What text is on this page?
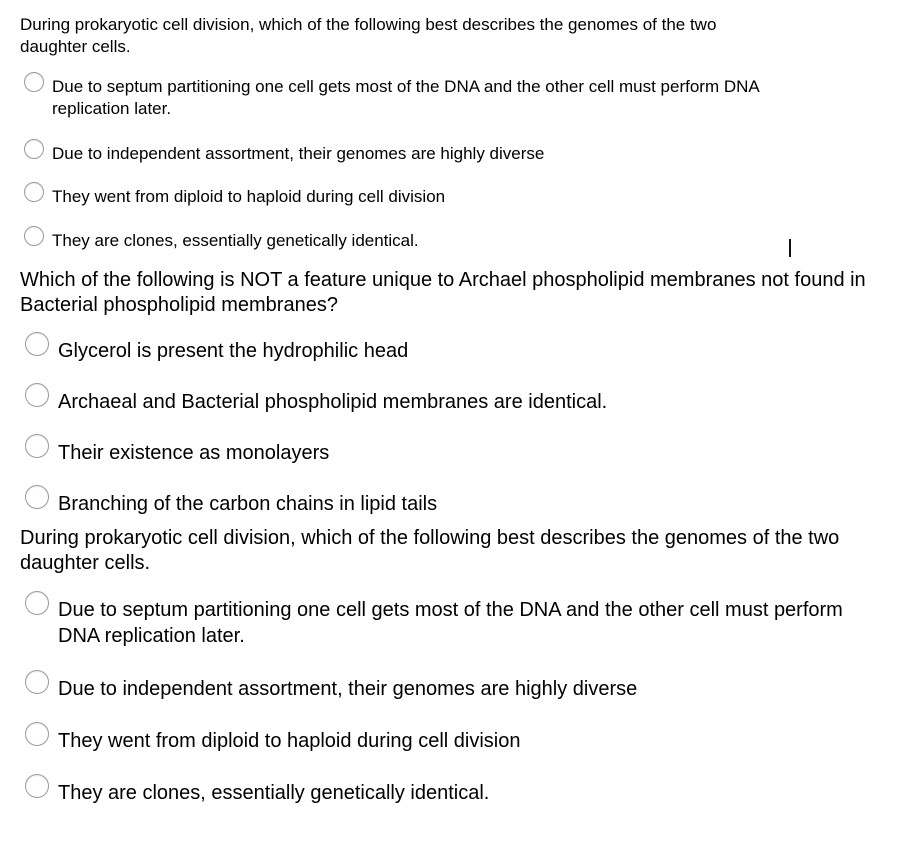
During prokaryotic cell division, which of the following best describes the genomes of the two daughter cells.

Due to septum partitioning one cell gets most of the DNA and the other cell must perform DNA replication later.
Due to independent assortment, their genomes are highly diverse
They went from diploid to haploid during cell division
They are clones, essentially genetically identical.

Which of the following is NOT a feature unique to Archael phospholipid membranes not found in Bacterial phospholipid membranes?

Glycerol is present the hydrophilic head
Archaeal and Bacterial phospholipid membranes are identical.
Their existence as monolayers
Branching of the carbon chains in lipid tails

During prokaryotic cell division, which of the following best describes the genomes of the two daughter cells.

Due to septum partitioning one cell gets most of the DNA and the other cell must perform DNA replication later.
Due to independent assortment, their genomes are highly diverse
They went from diploid to haploid during cell division
They are clones, essentially genetically identical.
